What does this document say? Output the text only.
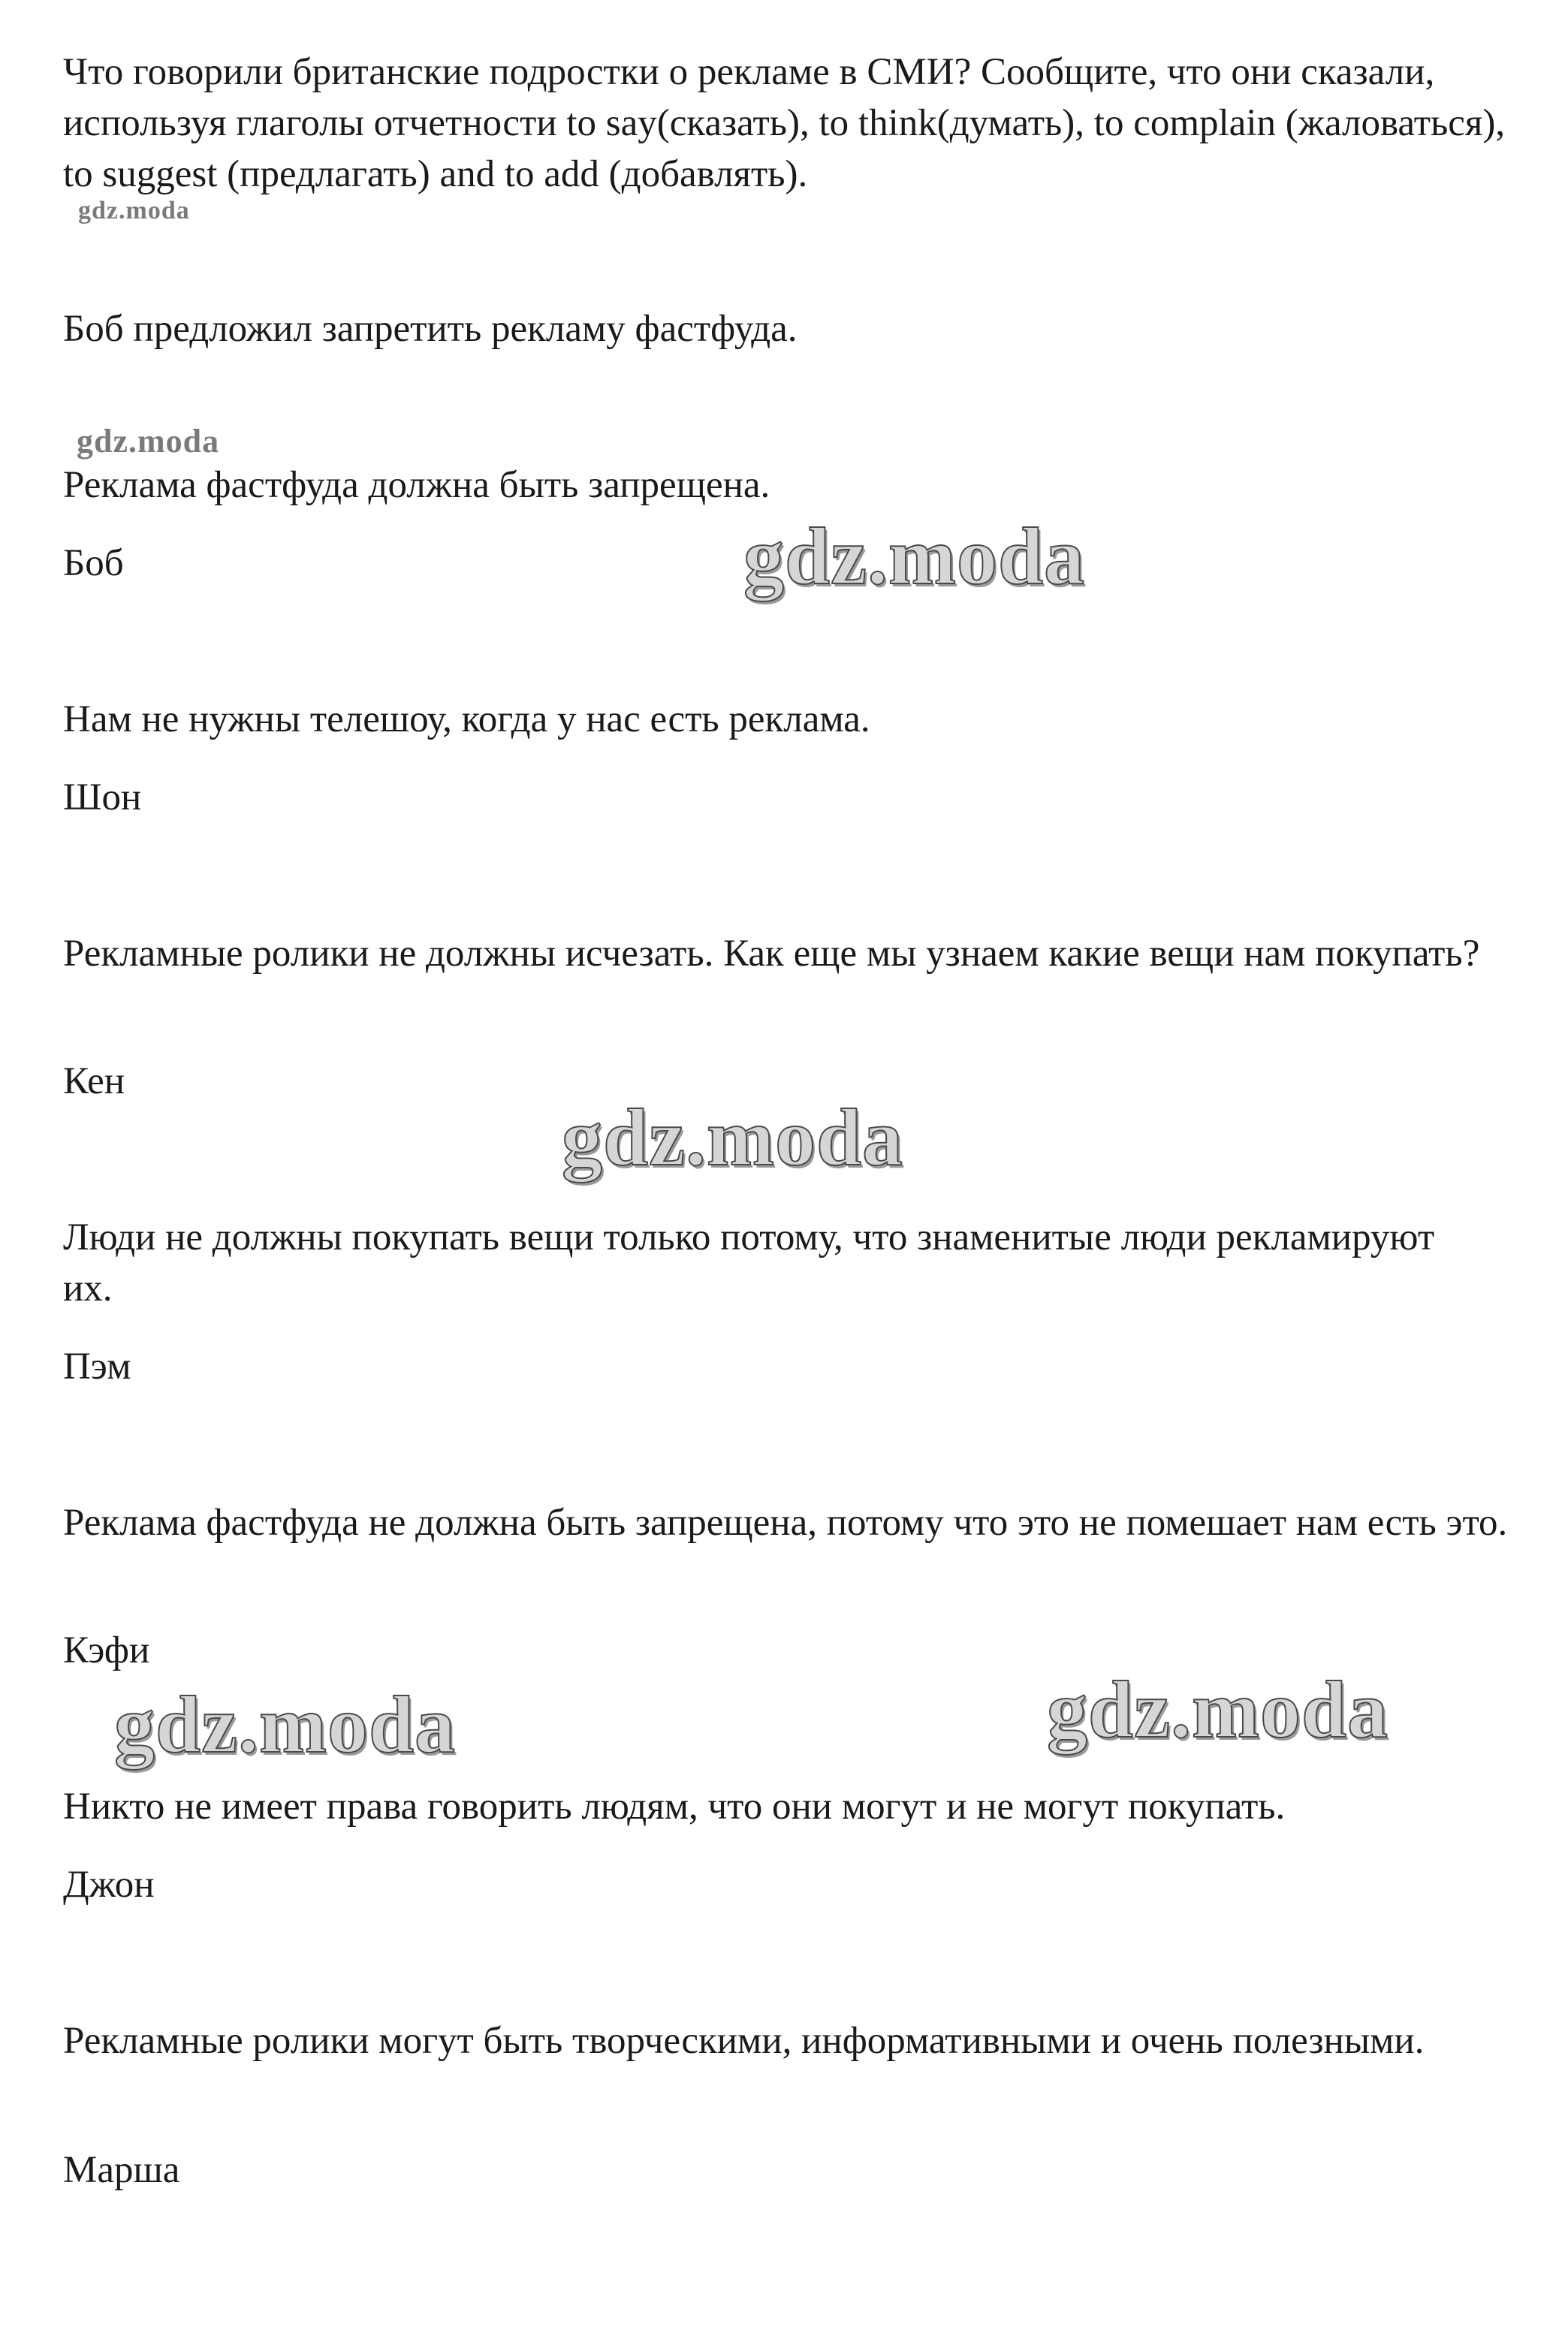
Что говорили британские подростки о рекламе в СМИ? Сообщите, что они сказали, используя глаголы отчетности to say(сказать), to think(думать), to complain (жаловаться), to suggest (предлагать) and to add (добавлять).

gdz.moda

Боб предложил запретить рекламу фастфуда.

gdz.moda

Реклама фастфуда должна быть запрещена.

Боб	gdz.moda

Нам не нужны телешоу, когда у нас есть реклама.

Шон

Рекламные ролики не должны исчезать. Как еще мы узнаем какие вещи нам покупать?

Кен

gdz.moda

Люди не должны покупать вещи только потому, что знаменитые люди рекламируют их.

Пэм

Реклама фастфуда не должна быть запрещена, потому что это не помешает нам есть это.

Кэфи

gdz.moda	gdz.moda

Никто не имеет права говорить людям, что они могут и не могут покупать.

Джон

Рекламные ролики могут быть творческими, информативными и очень полезными.

Марша
